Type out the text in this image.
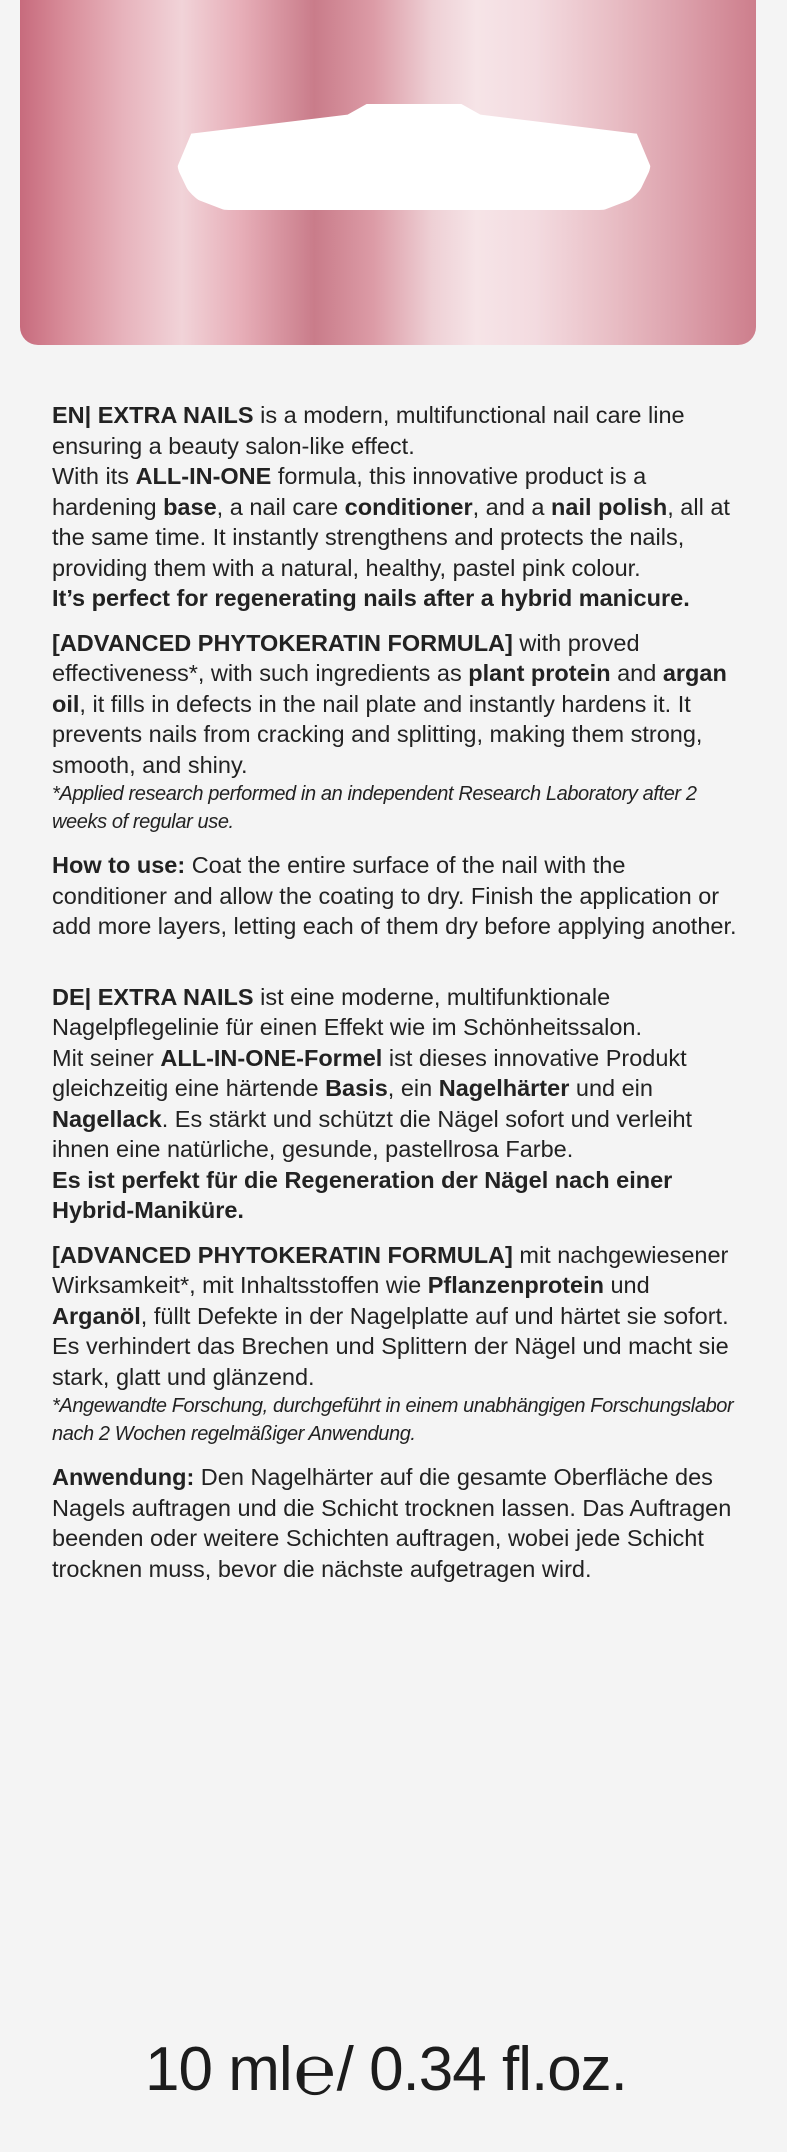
EN| EXTRA NAILS is a modern, multifunctional nail care line ensuring a beauty salon-like effect.

With its ALL-IN-ONE formula, this innovative product is a hardening base, a nail care conditioner, and a nail polish, all at the same time. It instantly strengthens and protects the nails, providing them with a natural, healthy, pastel pink colour.

It’s perfect for regenerating nails after a hybrid manicure.

[ADVANCED PHYTOKERATIN FORMULA] with proved effectiveness*, with such ingredients as plant protein and argan oil, it fills in defects in the nail plate and instantly hardens it. It prevents nails from cracking and splitting, making them strong, smooth, and shiny.

*Applied research performed in an independent Research Laboratory after 2 weeks of regular use.

How to use: Coat the entire surface of the nail with the conditioner and allow the coating to dry. Finish the application or add more layers, letting each of them dry before applying another.

DE| EXTRA NAILS ist eine moderne, multifunktionale Nagelpflegelinie für einen Effekt wie im Schönheitssalon.

Mit seiner ALL-IN-ONE-Formel ist dieses innovative Produkt gleichzeitig eine härtende Basis, ein Nagelhärter und ein Nagellack. Es stärkt und schützt die Nägel sofort und verleiht ihnen eine natürliche, gesunde, pastellrosa Farbe.

Es ist perfekt für die Regeneration der Nägel nach einer Hybrid-Maniküre.

[ADVANCED PHYTOKERATIN FORMULA] mit nachgewiesener Wirksamkeit*, mit Inhaltsstoffen wie Pflanzenprotein und Arganöl, füllt Defekte in der Nagelplatte auf und härtet sie sofort. Es verhindert das Brechen und Splittern der Nägel und macht sie stark, glatt und glänzend.

*Angewandte Forschung, durchgeführt in einem unabhängigen Forschungslabor nach 2 Wochen regelmäßiger Anwendung.

Anwendung: Den Nagelhärter auf die gesamte Oberfläche des Nagels auftragen und die Schicht trocknen lassen. Das Auftragen beenden oder weitere Schichten auftragen, wobei jede Schicht trocknen muss, bevor die nächste aufgetragen wird.

10 ml ℮ / 0.34 fl.oz.
